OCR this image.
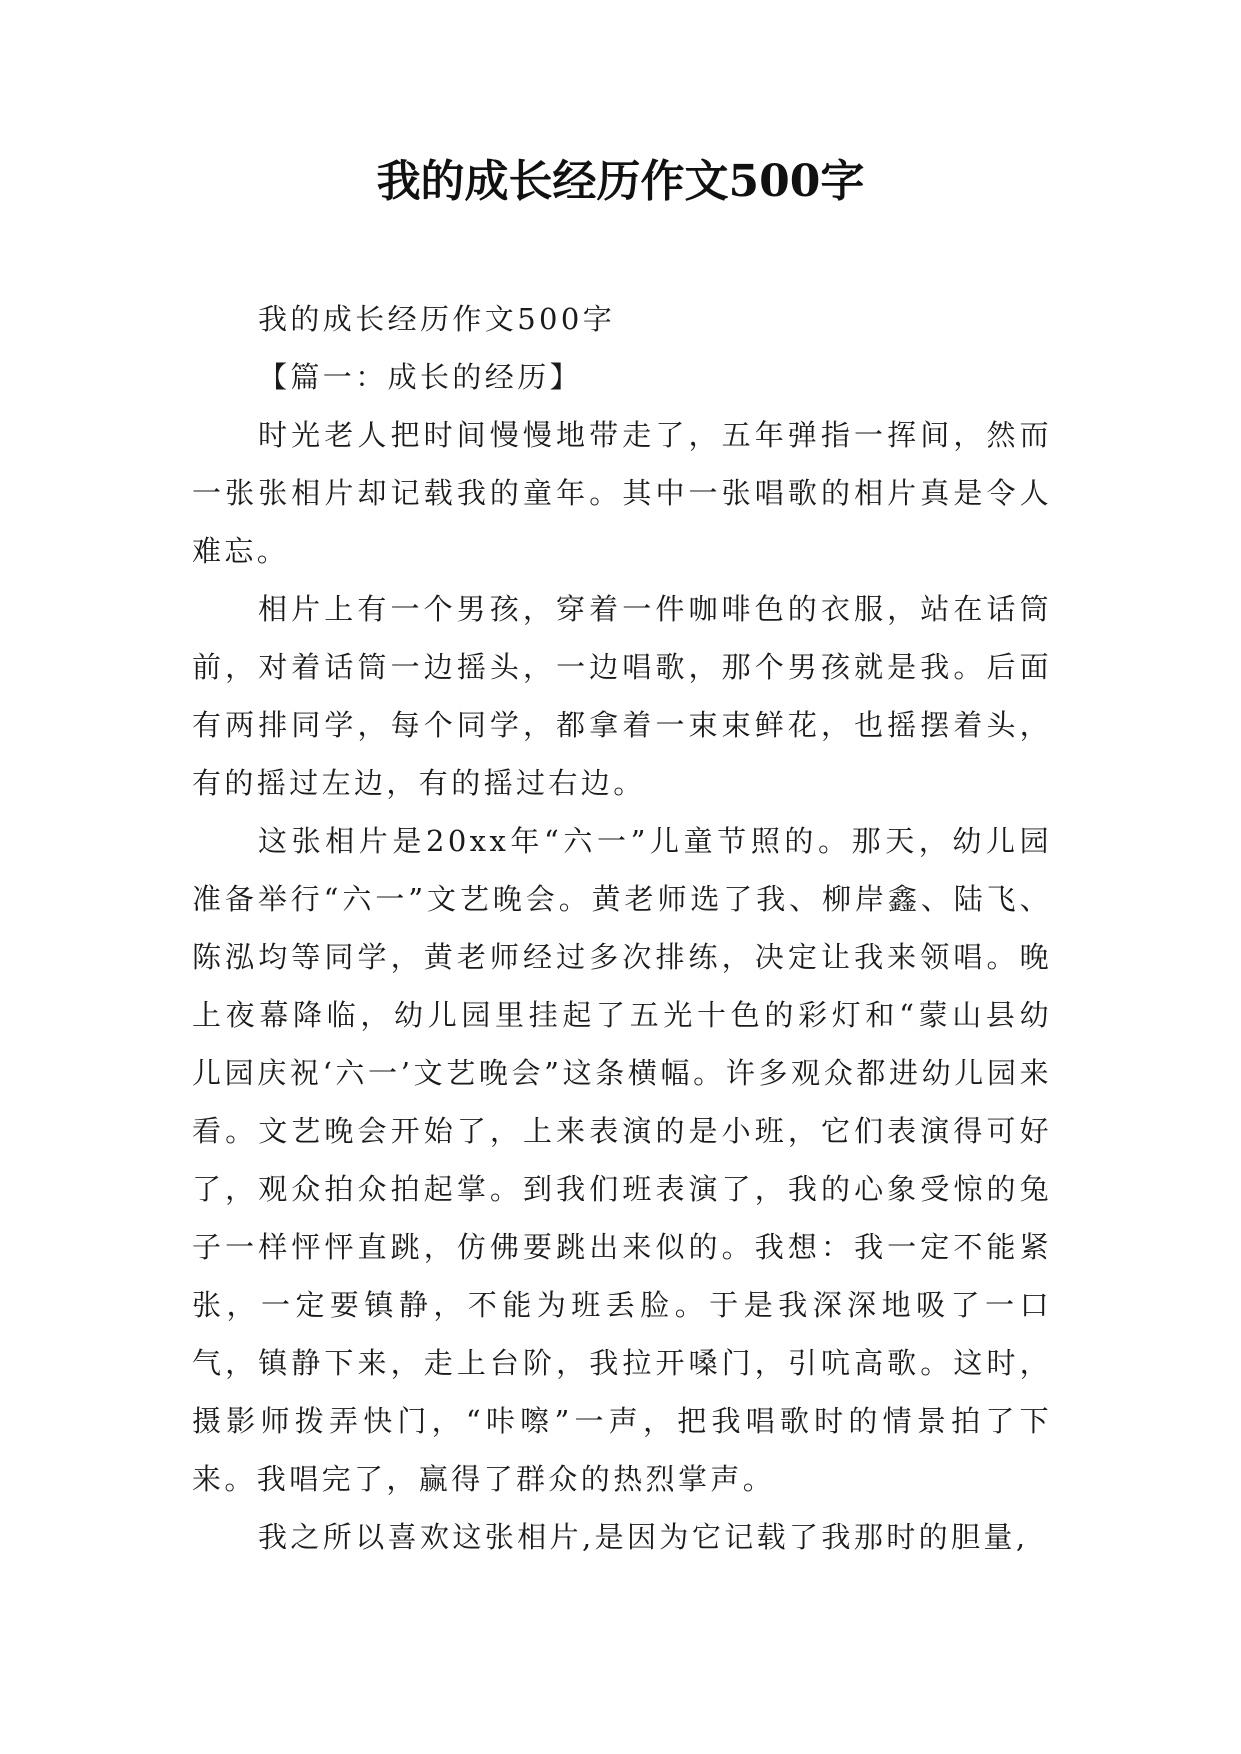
我的成长经历作文500字

我的成长经历作文500字

【篇一：成长的经历】

时光老人把时间慢慢地带走了，五年弹指一挥间，然而一张张相片却记载我的童年。其中一张唱歌的相片真是令人难忘。

相片上有一个男孩，穿着一件咖啡色的衣服，站在话筒前，对着话筒一边摇头，一边唱歌，那个男孩就是我。后面有两排同学，每个同学，都拿着一束束鲜花，也摇摆着头，有的摇过左边，有的摇过右边。

这张相片是20xx年“六一”儿童节照的。那天，幼儿园准备举行“六一”文艺晚会。黄老师选了我、柳岸鑫、陆飞、陈泓均等同学，黄老师经过多次排练，决定让我来领唱。晚上夜幕降临，幼儿园里挂起了五光十色的彩灯和“蒙山县幼儿园庆祝‘六一’文艺晚会”这条横幅。许多观众都进幼儿园来看。文艺晚会开始了，上来表演的是小班，它们表演得可好了，观众拍众拍起掌。到我们班表演了，我的心象受惊的兔子一样怦怦直跳，仿佛要跳出来似的。我想：我一定不能紧张，一定要镇静，不能为班丢脸。于是我深深地吸了一口气，镇静下来，走上台阶，我拉开嗓门，引吭高歌。这时，摄影师拨弄快门，“咔嚓”一声，把我唱歌时的情景拍了下来。我唱完了，赢得了群众的热烈掌声。

我之所以喜欢这张相片,是因为它记载了我那时的胆量,
